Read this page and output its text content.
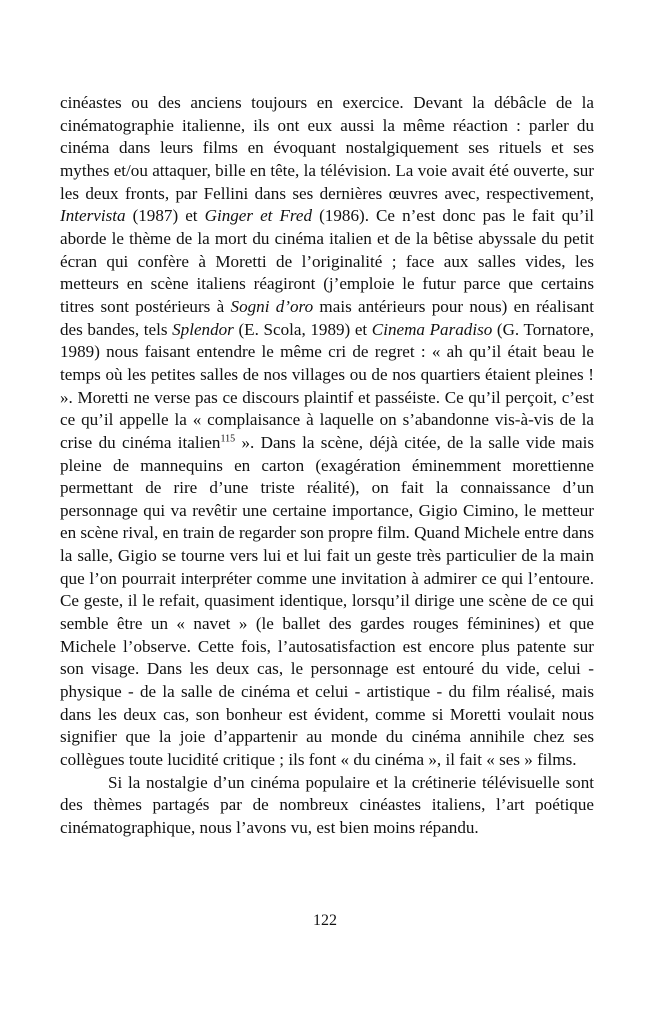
cinéastes ou des anciens toujours en exercice. Devant la débâcle de la cinématographie italienne, ils ont eux aussi la même réaction : parler du cinéma dans leurs films en évoquant nostalgiquement ses rituels et ses mythes et/ou attaquer, bille en tête, la télévision. La voie avait été ouverte, sur les deux fronts, par Fellini dans ses dernières œuvres avec, respectivement, Intervista (1987) et Ginger et Fred (1986). Ce n’est donc pas le fait qu’il aborde le thème de la mort du cinéma italien et de la bêtise abyssale du petit écran qui confère à Moretti de l’originalité ; face aux salles vides, les metteurs en scène italiens réagiront (j’emploie le futur parce que certains titres sont postérieurs à Sogni d’oro mais antérieurs pour nous) en réalisant des bandes, tels Splendor (E. Scola, 1989) et Cinema Paradiso (G. Tornatore, 1989) nous faisant entendre le même cri de regret : « ah qu’il était beau le temps où les petites salles de nos villages ou de nos quartiers étaient pleines ! ». Moretti ne verse pas ce discours plaintif et passéiste. Ce qu’il perçoit, c’est ce qu’il appelle la « complaisance à laquelle on s’abandonne vis-à-vis de la crise du cinéma italien$^{115}$ ». Dans la scène, déjà citée, de la salle vide mais pleine de mannequins en carton (exagération éminemment morettienne permettant de rire d’une triste réalité), on fait la connaissance d’un personnage qui va revêtir une certaine importance, Gigio Cimino, le metteur en scène rival, en train de regarder son propre film. Quand Michele entre dans la salle, Gigio se tourne vers lui et lui fait un geste très particulier de la main que l’on pourrait interpréter comme une invitation à admirer ce qui l’entoure. Ce geste, il le refait, quasiment identique, lorsqu’il dirige une scène de ce qui semble être un « navet » (le ballet des gardes rouges féminines) et que Michele l’observe. Cette fois, l’autosatisfaction est encore plus patente sur son visage. Dans les deux cas, le personnage est entouré du vide, celui - physique - de la salle de cinéma et celui - artistique - du film réalisé, mais dans les deux cas, son bonheur est évident, comme si Moretti voulait nous signifier que la joie d’appartenir au monde du cinéma annihile chez ses collègues toute lucidité critique ; ils font « du cinéma », il fait « ses » films.

Si la nostalgie d’un cinéma populaire et la crétinerie télévisuelle sont des thèmes partagés par de nombreux cinéastes italiens, l’art poétique cinématographique, nous l’avons vu, est bien moins répandu.

122
